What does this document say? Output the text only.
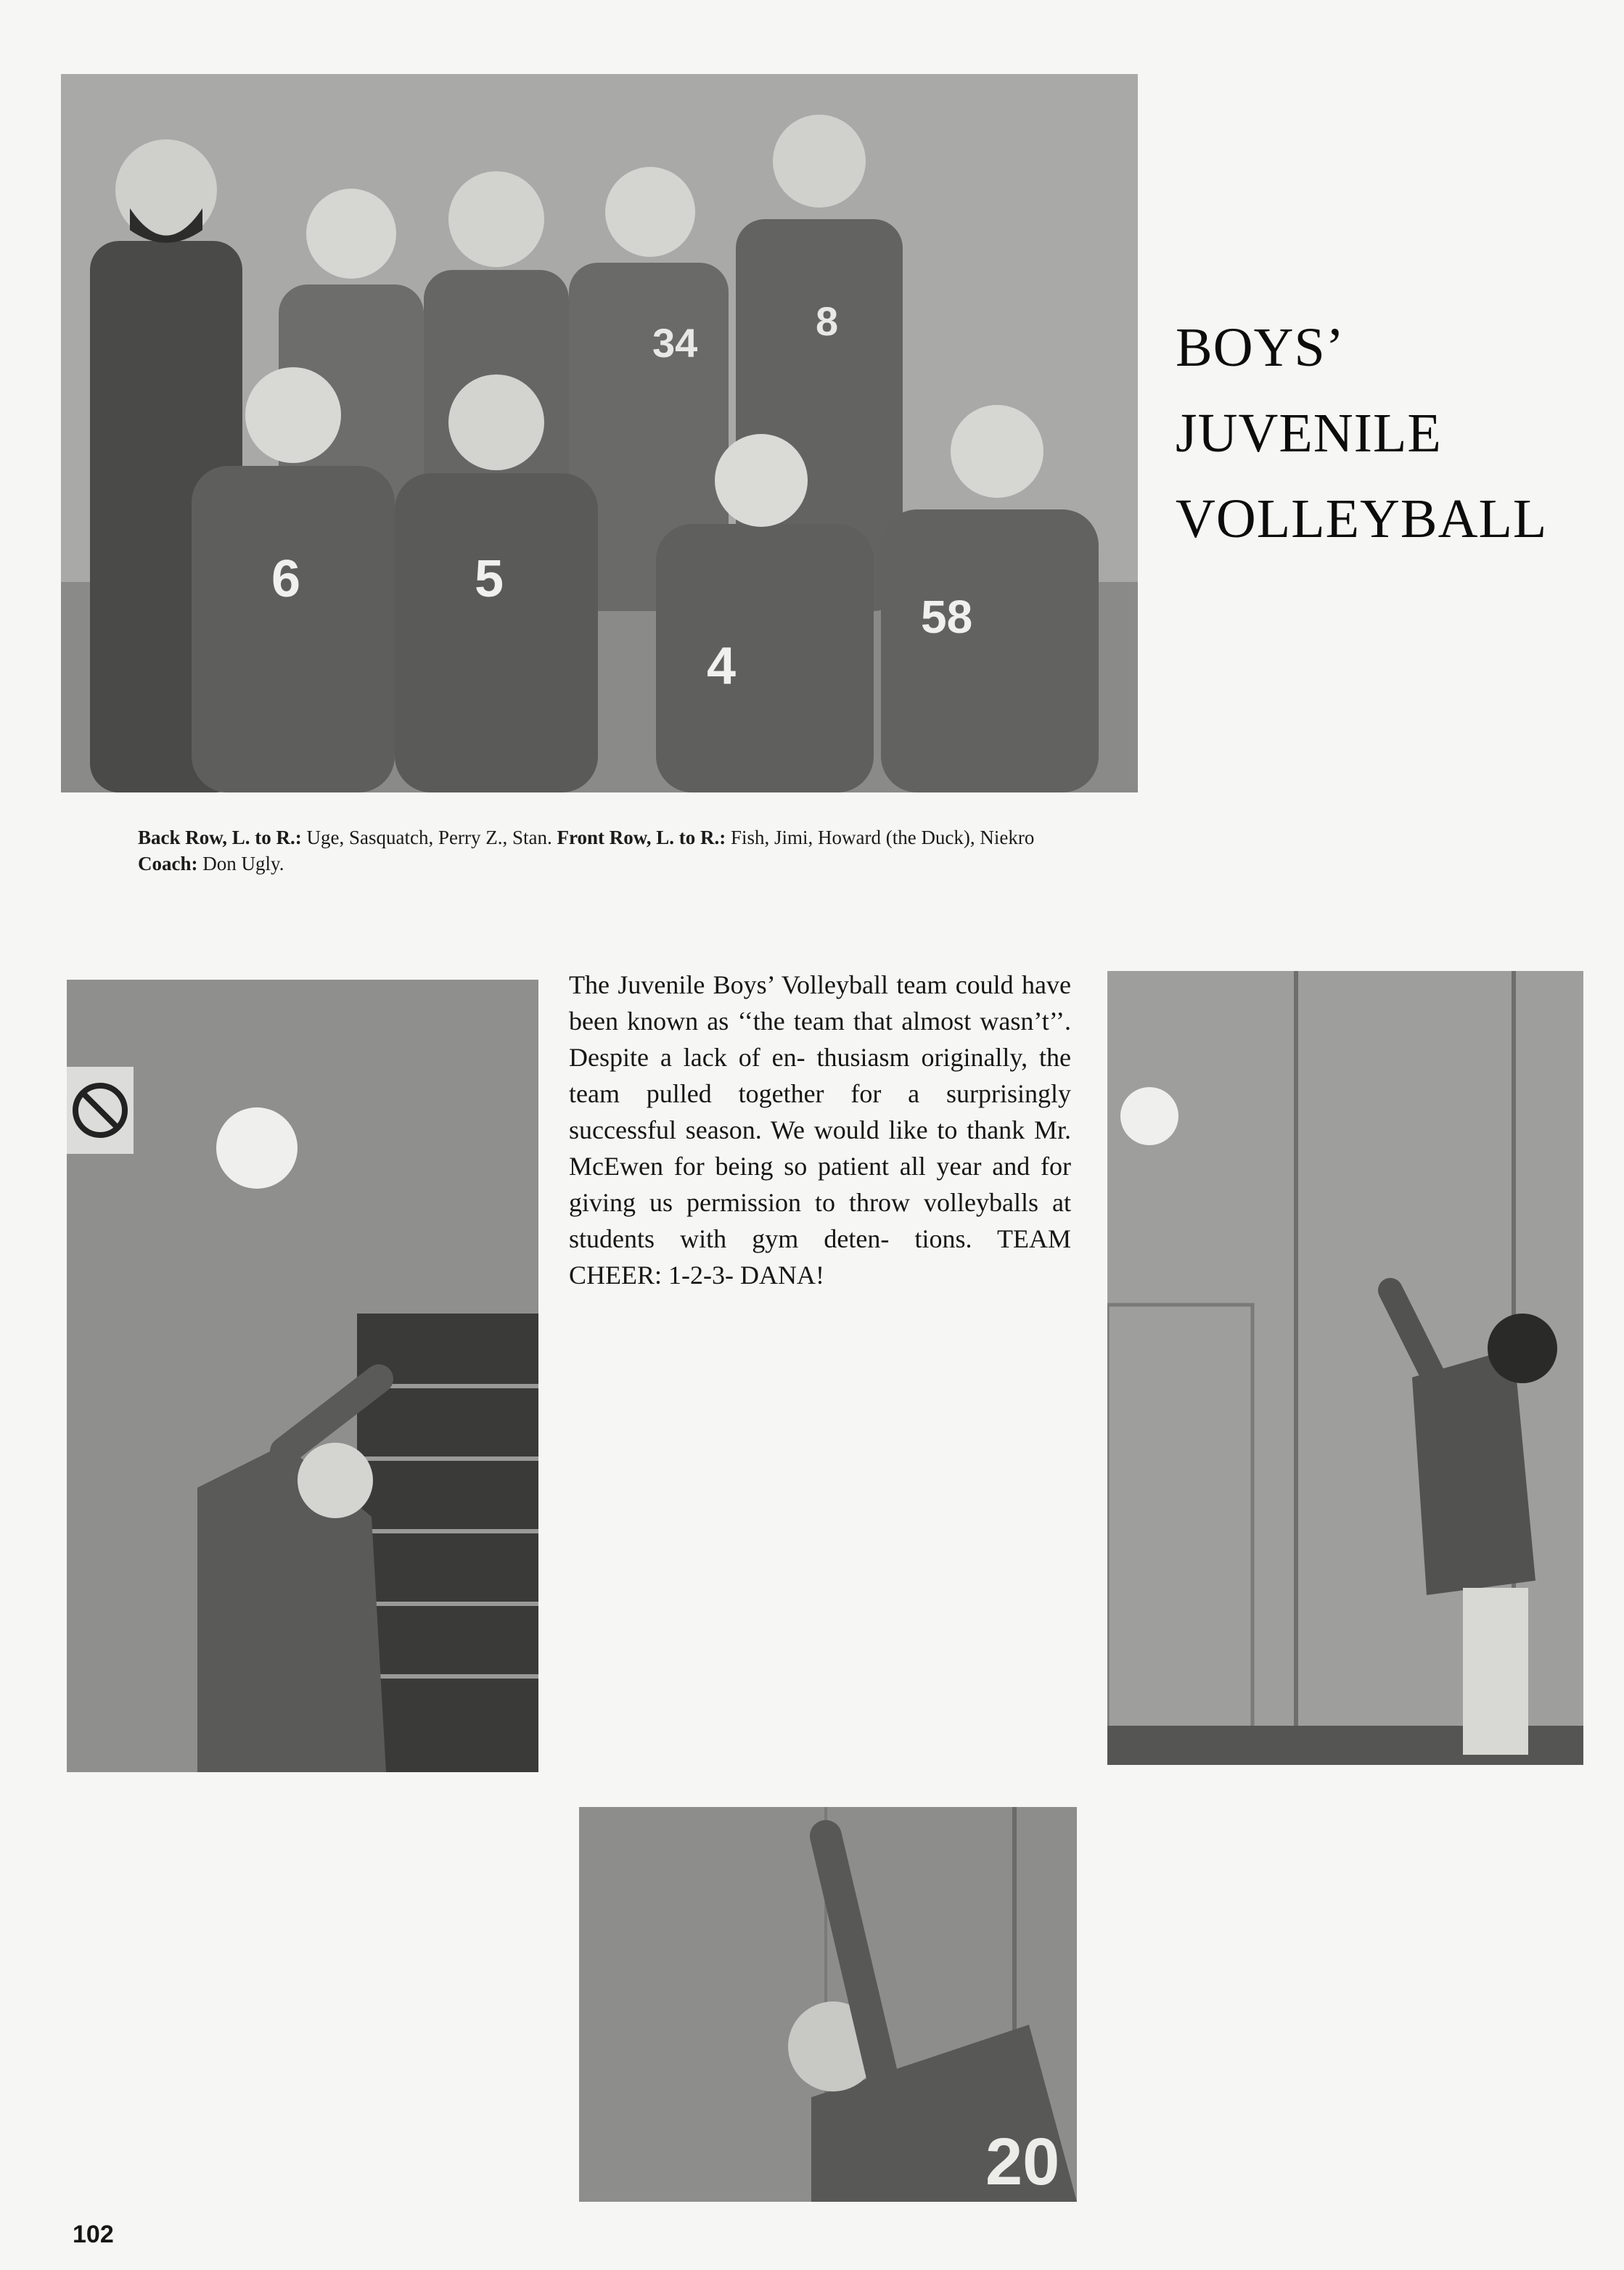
34	8
6	5
4
58
BOYS’
JUVENILE
VOLLEYBALL
Back Row, L. to R.: Uge, Sasquatch, Perry Z., Stan. Front Row, L. to R.: Fish, Jimi, Howard (the Duck), Niekro Coach: Don Ugly.
The Juvenile Boys’ Volleyball team could have been known as ‘‘the team that almost wasn’t’’. Despite a lack of en- thusiasm originally, the team pulled together for a surprisingly successful season. We would like to thank Mr. McEwen for being so patient all year and for giving us permission to throw volleyballs at students with gym deten- tions. TEAM CHEER: 1-2-3- DANA!
20
102
